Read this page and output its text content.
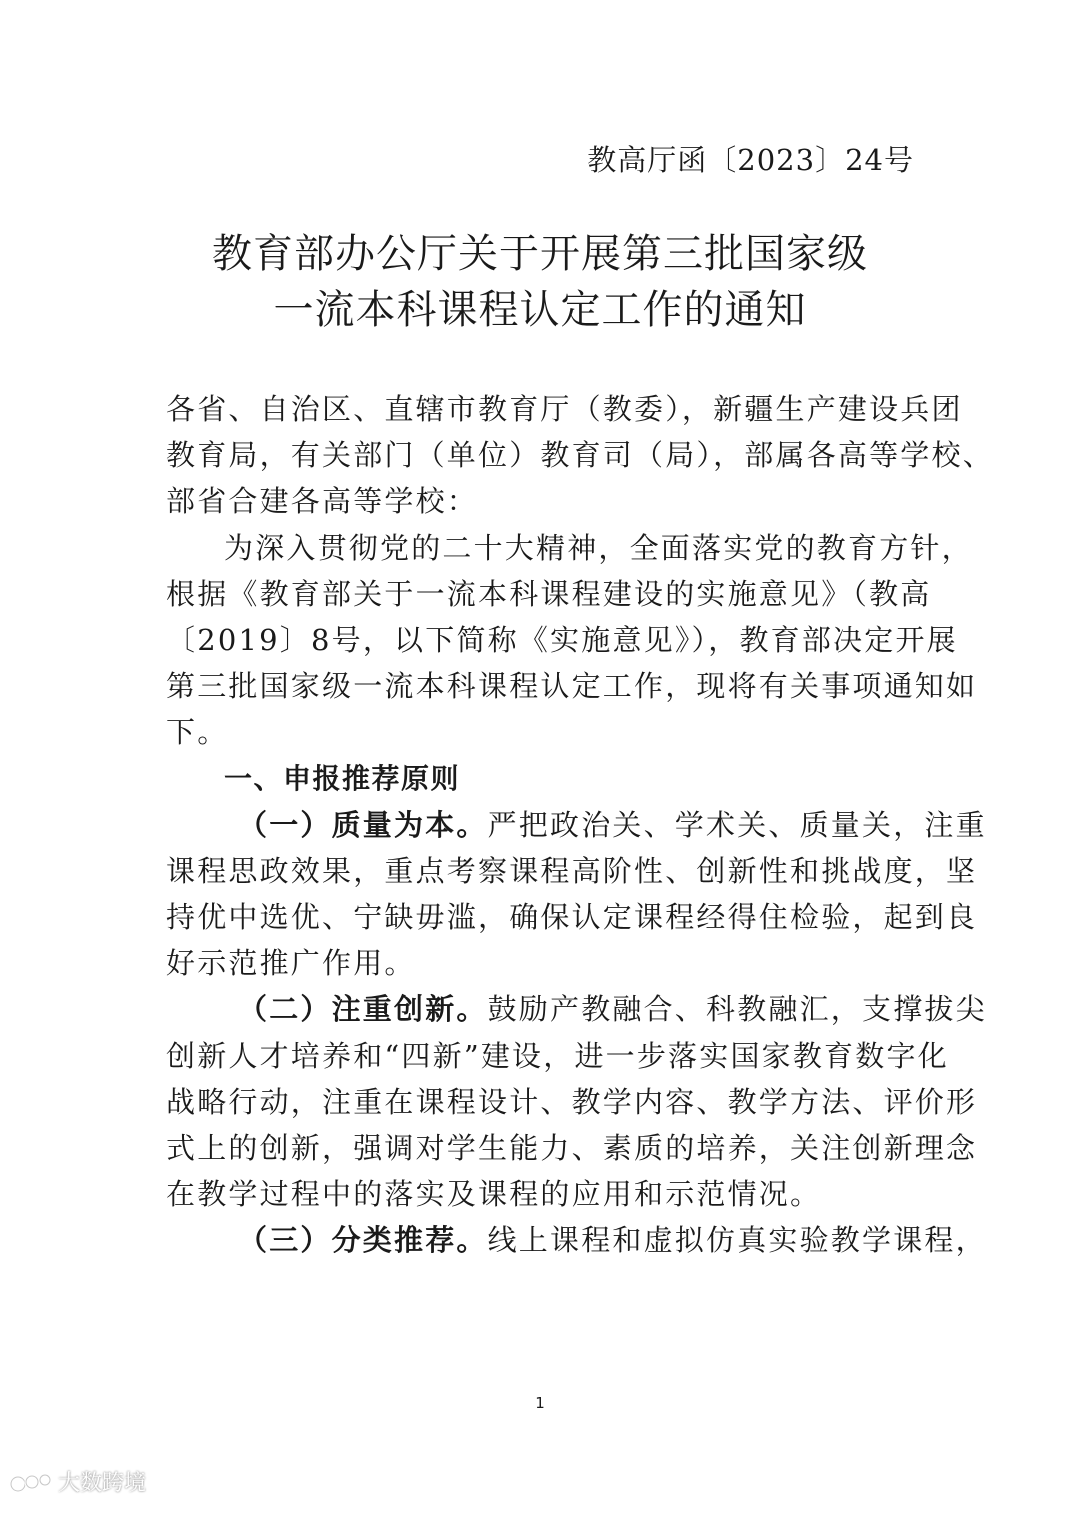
教高厅函〔2023〕24号
教育部办公厅关于开展第三批国家级
一流本科课程认定工作的通知
各省、自治区、直辖市教育厅（教委），新疆生产建设兵团
教育局，有关部门（单位）教育司（局），部属各高等学校、
部省合建各高等学校：
为深入贯彻党的二十大精神，全面落实党的教育方针，
根据《教育部关于一流本科课程建设的实施意见》（教高
〔2019〕8号，以下简称《实施意见》），教育部决定开展
第三批国家级一流本科课程认定工作，现将有关事项通知如
下。
一、申报推荐原则
（一）质量为本。严把政治关、学术关、质量关，注重
课程思政效果，重点考察课程高阶性、创新性和挑战度，坚
持优中选优、宁缺毋滥，确保认定课程经得住检验，起到良
好示范推广作用。
（二）注重创新。鼓励产教融合、科教融汇，支撑拔尖
创新人才培养和“四新”建设，进一步落实国家教育数字化
战略行动，注重在课程设计、教学内容、教学方法、评价形
式上的创新，强调对学生能力、素质的培养，关注创新理念
在教学过程中的落实及课程的应用和示范情况。
（三）分类推荐。线上课程和虚拟仿真实验教学课程，
1
大数跨境
